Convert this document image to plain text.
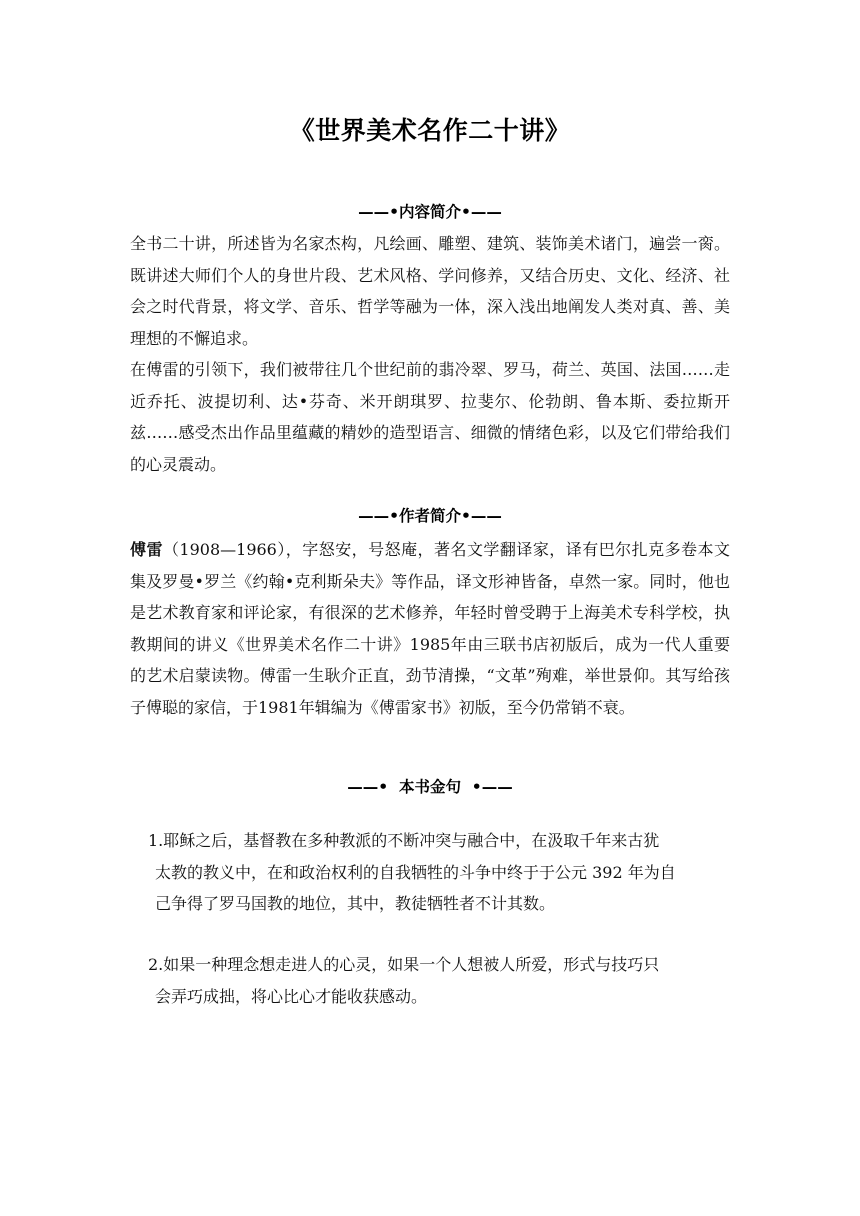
《世界美术名作二十讲》
——•内容简介•——

全书二十讲，所述皆为名家杰构，凡绘画、雕塑、建筑、装饰美术诸门，遍尝一脔。既讲述大师们个人的身世片段、艺术风格、学问修养，又结合历史、文化、经济、社会之时代背景，将文学、音乐、哲学等融为一体，深入浅出地阐发人类对真、善、美理想的不懈追求。

在傅雷的引领下，我们被带往几个世纪前的翡冷翠、罗马，荷兰、英国、法国……走近乔托、波提切利、达•芬奇、米开朗琪罗、拉斐尔、伦勃朗、鲁本斯、委拉斯开兹……感受杰出作品里蕴藏的精妙的造型语言、细微的情绪色彩，以及它们带给我们的心灵震动。

——•作者简介•——

傅雷（1908—1966），字怒安，号怒庵，著名文学翻译家，译有巴尔扎克多卷本文集及罗曼•罗兰《约翰•克利斯朵夫》等作品，译文形神皆备，卓然一家。同时，他也是艺术教育家和评论家，有很深的艺术修养，年轻时曾受聘于上海美术专科学校，执教期间的讲义《世界美术名作二十讲》1985年由三联书店初版后，成为一代人重要的艺术启蒙读物。傅雷一生耿介正直，劲节清操，“文革”殉难，举世景仰。其写给孩子傅聪的家信，于1981年辑编为《傅雷家书》初版，至今仍常销不衰。

——•  本书金句  •——
1.耶稣之后，基督教在多种教派的不断冲突与融合中，在汲取千年来古犹
太教的教义中，在和政治权利的自我牺牲的斗争中终于于公元 392 年为自
己争得了罗马国教的地位，其中，教徒牺牲者不计其数。
2.如果一种理念想走进人的心灵，如果一个人想被人所爱，形式与技巧只
会弄巧成拙，将心比心才能收获感动。
